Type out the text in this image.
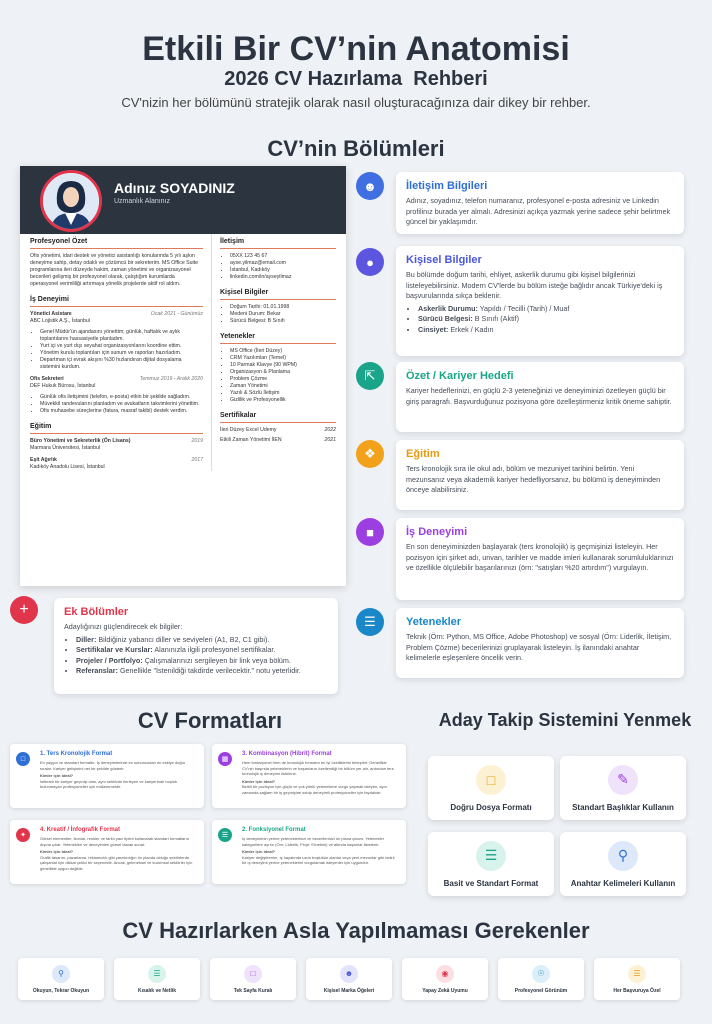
Etkili Bir CV’nin Anatomisi
2026 CV Hazırlama  Rehberi
CV'nizin her bölümünü stratejik olarak nasıl oluşturacağınıza dair dikey bir rehber.
CV’nin Bölümleri
Adınız SOYADINIZ
Uzmanlık Alanınız
Profesyonel Özet
Ofis yönetimi, idari destek ve yönetici asistanlığı konularında 5 yılı aşkın deneyime sahip, detay odaklı ve çözümcü bir sekreterim. MS Office Suite programlarına ileri düzeyde hakim, zaman yönetimi ve organizasyonel becerileri gelişmiş bir profesyonel olarak, çalıştığım kurumlarda operasyonel verimliliği artırmaya yönelik projelerde aktif rol aldım.
İş Deneyimi
Yönetici Asistanı	Ocak 2021 - Günümüz
ABC Lojistik A.Ş., İstanbul
• Genel Müdür'ün ajandasını yönettim; günlük, haftalık ve aylık toplantılarını hassasiyetle planladım.
• Yurt içi ve yurt dışı seyahat organizasyonlarını koordine ettim.
• Yönetim kurulu toplantıları için sunum ve raporları hazırladım.
• Departman içi evrak akışını %30 hızlandıran dijital dosyalama sistemini kurdum.
Ofis Sekreteri	Temmuz 2019 - Aralık 2020
DEF Hukuk Bürosu, İstanbul
• Günlük ofis iletişimini (telefon, e-posta) etkin bir şekilde sağladım.
• Müvekkil randevularını planladım ve avukatların takvimlerini yönettim.
• Ofis muhasebe süreçlerine (fatura, masraf takibi) destek verdim.
Eğitim
Büro Yönetimi ve Sekreterlik (Ön Lisans)	2019
Marmara Üniversitesi, İstanbul
Eşit Ağırlık	2017
Kadıköy Anadolu Lisesi, İstanbul
İletişim
• 05XX 123 45 67
• ayse.yilmaz@email.com
• İstanbul, Kadıköy
• linkedin.com/in/ayseyilmaz
Kişisel Bilgiler
• Doğum Tarihi: 01.01.1998
• Medeni Durum: Bekar
• Sürücü Belgesi: B Sınıfı
Yetenekler
• MS Office (İleri Düzey)
• CRM Yazılımları (Temel)
• 10 Parmak Klavye (90 WPM)
• Organizasyon & Planlama
• Problem Çözme
• Zaman Yönetimi
• Yazılı & Sözlü İletişim
• Gizlilik ve Profesyonellik
Sertifikalar
İleri Düzey Excel Udemy	2022
Etkili Zaman Yönetimi İIEN	2021
☻	İletişim Bilgileri
Adınız, soyadınız, telefon numaranız, profesyonel e-posta adresiniz ve Linkedin profilinız burada yer almalı. Adresinizi açıkça yazmak yerine sadece şehir belirtmek güncel bir yaklaşımdır.
●	Kişisel Bilgiler
Bu bölümde doğum tarihi, ehliyet, askerlik durumu gibi kişisel bilgilerinizi listeleyebilirsiniz. Modern CV'lerde bu bölüm isteğe bağlıdır ancak Türkiye'deki iş başvurularında sıkça beklenir.
• Askerlik Durumu: Yapıldı / Tecilli (Tarih) / Muaf
• Sürücü Belgesi: B Sınıfı (Aktif)
• Cinsiyet: Erkek / Kadın
⇱	Özet / Kariyer Hedefi
Kariyer hedeflerinizi, en güçlü 2-3 yeteneğinizi ve deneyiminizi özetleyen güçlü bir giriş paragrafı. Başvurduğunuz pozisyona göre özelleştirmeniz kritik öneme sahiptir.
❖	Eğitim
Ters kronolojik sıra ile okul adı, bölüm ve mezuniyet tarihini belirtin. Yeni mezunsanız veya akademik kariyer hedefliyorsanız, bu bölümü iş deneyiminden önceye alabilirsiniz.
■	İş Deneyimi
En son deneyiminizden başlayarak (ters kronolojik) iş geçmişinizi listeleyin. Her pozisyon için şirket adı, unvan, tarihler ve madde imleri kullanarak sorumluluklarınızı ve özellikle ölçülebilir başarılarınızı (örn: "satışları %20 artırdım") vurgulayın.
☰	Yetenekler
Teknik (Örn: Python, MS Office, Adobe Photoshop) ve sosyal (Örn: Liderlik, İletişim, Problem Çözme) becerilerinizi gruplayarak listeleyin. İş ilanındaki anahtar kelimelerle eşleşenlere öncelik verin.
+	Ek Bölümler
Adaylığınızı güçlendirecek ek bilgiler:
• Diller: Bildiğiniz yabancı diller ve seviyeleri (A1, B2, C1 gibi).
• Sertifikalar ve Kurslar: Alanınızla ilgili profesyonel sertifikalar.
• Projeler / Portfolyo: Çalışmalarınızı sergileyen bir link veya bölüm.
• Referanslar: Genellikle "İstenildiği takdirde verilecektir." notu yeterlidir.
CV Formatları
□
1. Ters Kronolojik Format
En yaygın ve standart formattır. İş deneyimlerinizi en sonuncudan en eskiye doğru sıralar. Kariyer gelişimini net bir şekilde gösterir.
Kimler için ideal?
İstikrarlı bir kariyer geçmişi olan, aynı sektörde ilerleyen ve kariyerinde boşluk bulunmayan profesyoneller için mükemmeldir.
▦
3. Kombinasyon (Hibrit) Format
Hem fonksiyonel hem de kronolojik formatın en iyi özelliklerini birleştirir. Genellikle CV'nin başında yeteneklerin ve başarıların özetlendiği bir bölüm yer alır, ardından ters kronolojik iş deneyimi listelenir.
Kimler için ideal?
Belirli bir pozisyon için güçlü ve çok yönlü yeteneklere vurgu yapmak isteyen, aynı zamanda sağlam bir iş geçmişine sahip deneyimli profesyoneller için faydalıdır.
✦
4. Kreatif / İnfografik Format
Görsel elementler, ikonlar, renkler ve farklı yazı tipleri kullanarak standart formatların dışına çıkar. Yetenekleri ve deneyimleri görsel olarak sunar.
Kimler için ideal?
Grafik tasarım, pazarlama, reklamcılık gibi yaratıcılığın ön planda olduğu sektörlerde çalışanlar için dikkat çekici bir seçenektir. Ancak, geleneksel ve kurumsal sektörler için genellikle uygun değildir.
☰
2. Fonksiyonel Format
İş deneyiminin yerine yeteneklerinizi ve becerilerinizi ön plana çıkarır. Yetenekler kategorilere ayrılır (Örn: Liderlik, Proje Yönetimi) ve altında başarılar listelenir.
Kimler için ideal?
Kariyer değiştirenler, iş hayatında uzun boşluklar olanlar veya yeni mezunlar gibi belirli bir iş deneyimi yerine yeteneklerini vurgulamak isteyenler için uygundur.
Aday Takip Sistemini Yenmek
□
Doğru Dosya Formatı
✎
Standart Başlıklar Kullanın
☰
Basit ve Standart Format
⚲
Anahtar Kelimeleri Kullanın
CV Hazırlarken Asla Yapılmaması Gerekenler
⚲
Okuyun, Tekrar Okuyun
☰
Kısalık ve Netlik
□
Tek Sayfa Kuralı
☻
Kişisel Marka Öğeleri
◉
Yapay Zekâ Uyumu
☉
Profesyonel Görünüm
☰
Her Başvuruya Özel
